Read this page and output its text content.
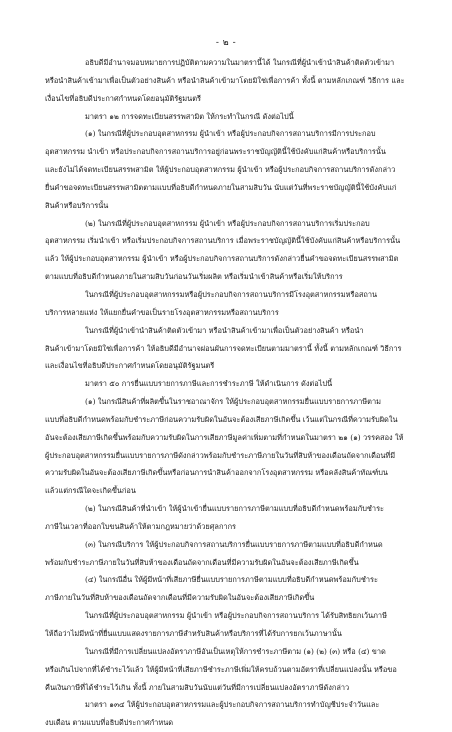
- ๒ -
อธิบดีมีอำนาจมอบหมายการปฏิบัติตามความในมาตรานี้ได้ ในกรณีที่ผู้นำเข้านำสินค้าติดตัวเข้ามา
หรือนำสินค้าเข้ามาเพื่อเป็นตัวอย่างสินค้า หรือนำสินค้าเข้ามาโดยมิใช่เพื่อการค้า ทั้งนี้ ตามหลักเกณฑ์ วิธีการ และ
เงื่อนไขที่อธิบดีประกาศกำหนดโดยอนุมัติรัฐมนตรี
มาตรา ๑๒ การจดทะเบียนสรรพสามิต ให้กระทำในกรณี ดังต่อไปนี้
(๑) ในกรณีที่ผู้ประกอบอุตสาหกรรม ผู้นำเข้า หรือผู้ประกอบกิจการสถานบริการมีการประกอบ
อุตสาหกรรม นำเข้า หรือประกอบกิจการสถานบริการอยู่ก่อนพระราชบัญญัตินี้ใช้บังคับแก่สินค้าหรือบริการนั้น
และยังไม่ได้จดทะเบียนสรรพสามิต ให้ผู้ประกอบอุตสาหกรรม ผู้นำเข้า หรือผู้ประกอบกิจการสถานบริการดังกล่าว
ยื่นคำขอจดทะเบียนสรรพสามิตตามแบบที่อธิบดีกำหนดภายในสามสิบวัน นับแต่วันที่พระราชบัญญัตินี้ใช้บังคับแก่
สินค้าหรือบริการนั้น
(๒) ในกรณีที่ผู้ประกอบอุตสาหกรรม ผู้นำเข้า หรือผู้ประกอบกิจการสถานบริการเริ่มประกอบ
อุตสาหกรรม เริ่มนำเข้า หรือเริ่มประกอบกิจการสถานบริการ เมื่อพระราชบัญญัตินี้ใช้บังคับแก่สินค้าหรือบริการนั้น
แล้ว ให้ผู้ประกอบอุตสาหกรรม ผู้นำเข้า หรือผู้ประกอบกิจการสถานบริการดังกล่าวยื่นคำขอจดทะเบียนสรรพสามิต
ตามแบบที่อธิบดีกำหนดภายในสามสิบวันก่อนวันเริ่มผลิต หรือเริ่มนำเข้าสินค้าหรือเริ่มให้บริการ
ในกรณีที่ผู้ประกอบอุตสาหกรรมหรือผู้ประกอบกิจการสถานบริการมีโรงอุตสาหกรรมหรือสถาน
บริการหลายแห่ง ให้แยกยื่นคำขอเป็นรายโรงอุตสาหกรรมหรือสถานบริการ
ในกรณีที่ผู้นำเข้านำสินค้าติดตัวเข้ามา หรือนำสินค้าเข้ามาเพื่อเป็นตัวอย่างสินค้า หรือนำ
สินค้าเข้ามาโดยมิใช่เพื่อการค้า ให้อธิบดีมีอำนาจผ่อนผันการจดทะเบียนตามมาตรานี้ ทั้งนี้ ตามหลักเกณฑ์ วิธีการ
และเงื่อนไขที่อธิบดีประกาศกำหนดโดยอนุมัติรัฐมนตรี
มาตรา ๕๐ การยื่นแบบรายการภาษีและการชำระภาษี ให้ดำเนินการ ดังต่อไปนี้
(๑) ในกรณีสินค้าที่ผลิตขึ้นในราชอาณาจักร ให้ผู้ประกอบอุตสาหกรรมยื่นแบบรายการภาษีตาม
แบบที่อธิบดีกำหนดพร้อมกับชำระภาษีก่อนความรับผิดในอันจะต้องเสียภาษีเกิดขึ้น เว้นแต่ในกรณีที่ความรับผิดใน
อันจะต้องเสียภาษีเกิดขึ้นพร้อมกับความรับผิดในการเสียภาษีมูลค่าเพิ่มตามที่กำหนดในมาตรา ๒๑ (๑) วรรคสอง ให้
ผู้ประกอบอุตสาหกรรมยื่นแบบรายการภาษีดังกล่าวพร้อมกับชำระภาษีภายในวันที่สิบห้าของเดือนถัดจากเดือนที่มี
ความรับผิดในอันจะต้องเสียภาษีเกิดขึ้นหรือก่อนการนำสินค้าออกจากโรงอุตสาหกรรม หรือคลังสินค้าทัณฑ์บน
แล้วแต่กรณีใดจะเกิดขึ้นก่อน
(๒) ในกรณีสินค้าที่นำเข้า ให้ผู้นำเข้ายื่นแบบรายการภาษีตามแบบที่อธิบดีกำหนดพร้อมกับชำระ
ภาษีในเวลาที่ออกใบขนสินค้าให้ตามกฎหมายว่าด้วยศุลกากร
(๓) ในกรณีบริการ ให้ผู้ประกอบกิจการสถานบริการยื่นแบบรายการภาษีตามแบบที่อธิบดีกำหนด
พร้อมกับชำระภาษีภายในวันที่สิบห้าของเดือนถัดจากเดือนที่มีความรับผิดในอันจะต้องเสียภาษีเกิดขึ้น
(๔) ในกรณีอื่น ให้ผู้มีหน้าที่เสียภาษียื่นแบบรายการภาษีตามแบบที่อธิบดีกำหนดพร้อมกับชำระ
ภาษีภายในวันที่สิบห้าของเดือนถัดจากเดือนที่มีความรับผิดในอันจะต้องเสียภาษีเกิดขึ้น
ในกรณีที่ผู้ประกอบอุตสาหกรรม ผู้นำเข้า หรือผู้ประกอบกิจการสถานบริการ ได้รับสิทธิยกเว้นภาษี
ให้ถือว่าไม่มีหน้าที่ยื่นแบบแสดงรายการภาษีสำหรับสินค้าหรือบริการที่ได้รับการยกเว้นภาษานั้น
ในกรณีที่มีการเปลี่ยนแปลงอัตราภาษีอันเป็นเหตุให้การชำระภาษีตาม (๑) (๒) (๓) หรือ (๔) ขาด
หรือเกินไปจากที่ได้ชำระไว้แล้ว ให้ผู้มีหน้าที่เสียภาษีชำระภาษีเพิ่มให้ครบถ้วนตามอัตราที่เปลี่ยนแปลงนั้น หรือขอ
คืนเงินภาษีที่ได้ชำระไว้เกิน ทั้งนี้ ภายในสามสิบวันนับแต่วันที่มีการเปลี่ยนแปลงอัตราภาษีดังกล่าว
มาตรา ๑๓๔ ให้ผู้ประกอบอุตสาหกรรมและผู้ประกอบกิจการสถานบริการทำบัญชีประจำวันและ
งบเดือน ตามแบบที่อธิบดีประกาศกำหนด
